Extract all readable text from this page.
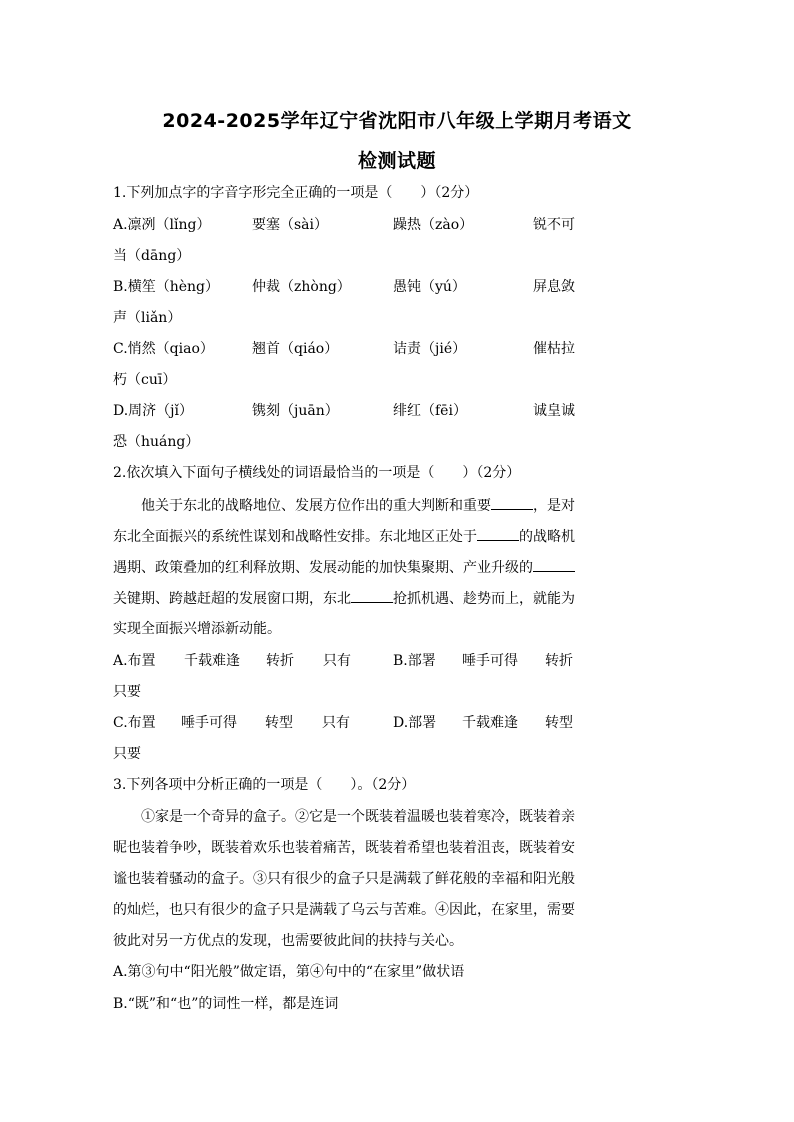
2024-2025学年辽宁省沈阳市八年级上学期月考语文
检测试题
1.下列加点字的字音字形完全正确的一项是（　　）（2分）
A.凛冽（lǐng）	要塞（sài）	躁热（zào）	锐不可
当（dāng）
B.横笙（hèng） 仲裁（zhòng）	愚钝（yú）	屏息敛
声（liǎn）
C.悄然（qiao）	翘首（qiáo）	诘责（jié）	催枯拉
朽（cuī）
D.周济（jǐ）	镌刻（juān）	绯红（fēi）	诚皇诚
恐（huáng）
2.依次填入下面句子横线处的词语最恰当的一项是（　　）（2分）
他关于东北的战略地位、发展方位作出的重大判断和重要	，是对
东北全面振兴的系统性谋划和战略性安排。东北地区正处于	的战略机
遇期、政策叠加的红利释放期、发展动能的加快集聚期、产业升级的
关键期、跨越赶超的发展窗口期，东北	抢抓机遇、趁势而上，就能为
实现全面振兴增添新动能。
A.布置 千载难逢 转折 只有	B.部署 唾手可得 转折
只要
C.布置 唾手可得 转型 只有	D.部署 千载难逢 转型
只要
3.下列各项中分析正确的一项是（　　）。（2分）
①家是一个奇异的盒子。②它是一个既装着温暖也装着寒冷，既装着亲
昵也装着争吵，既装着欢乐也装着痛苦，既装着希望也装着沮丧，既装着安
谧也装着骚动的盒子。③只有很少的盒子只是满载了鲜花般的幸福和阳光般
的灿烂，也只有很少的盒子只是满载了乌云与苦难。④因此，在家里，需要
彼此对另一方优点的发现，也需要彼此间的扶持与关心。
A.第③句中“阳光般”做定语，第④句中的“在家里”做状语
B.“既”和“也”的词性一样，都是连词
